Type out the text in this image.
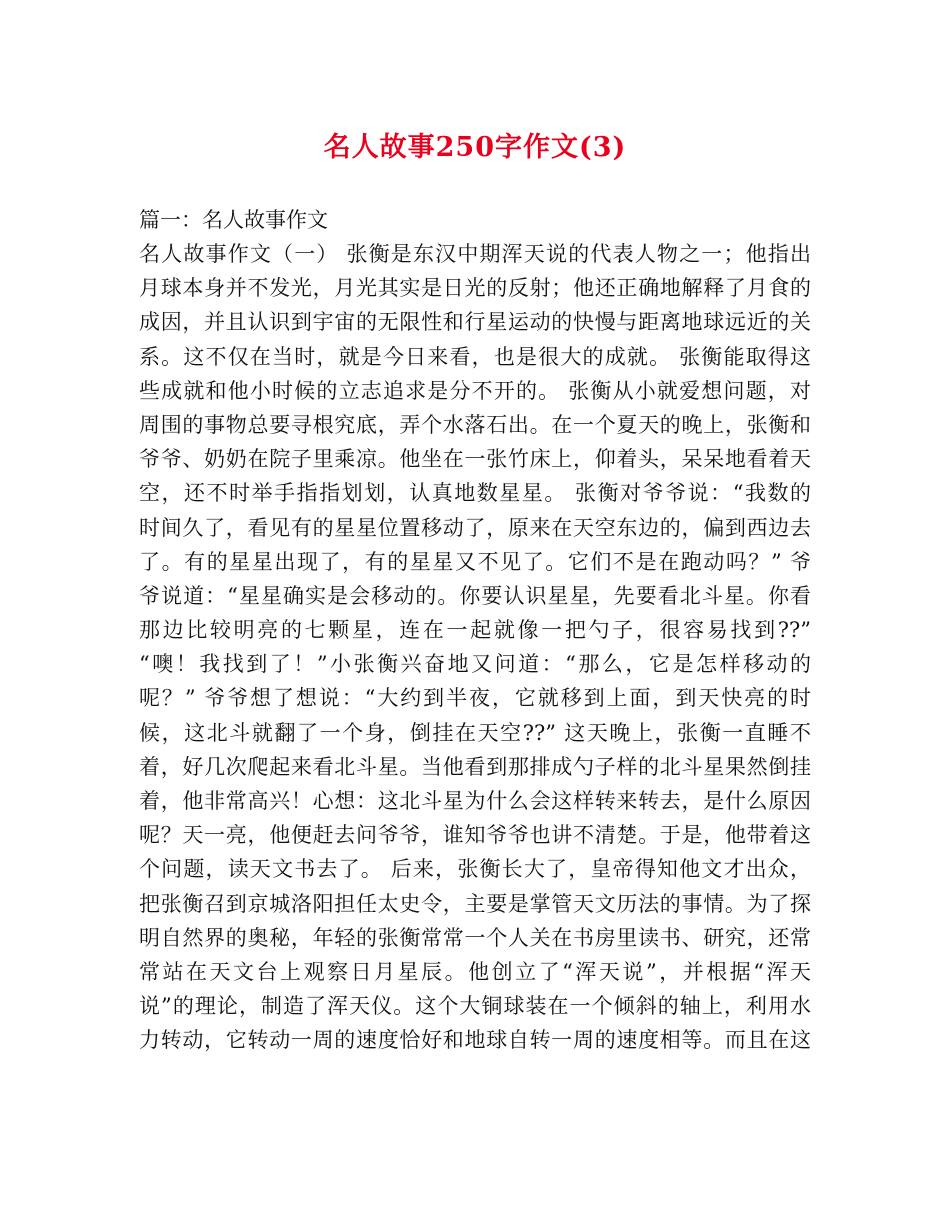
名人故事250字作文(3)
篇一：名人故事作文
名人故事作文（一） 张衡是东汉中期浑天说的代表人物之一；他指出
月球本身并不发光，月光其实是日光的反射；他还正确地解释了月食的
成因，并且认识到宇宙的无限性和行星运动的快慢与距离地球远近的关
系。这不仅在当时，就是今日来看，也是很大的成就。 张衡能取得这
些成就和他小时候的立志追求是分不开的。 张衡从小就爱想问题，对
周围的事物总要寻根究底，弄个水落石出。在一个夏天的晚上，张衡和
爷爷、奶奶在院子里乘凉。他坐在一张竹床上，仰着头，呆呆地看着天
空，还不时举手指指划划，认真地数星星。 张衡对爷爷说：“我数的
时间久了，看见有的星星位置移动了，原来在天空东边的，偏到西边去
了。有的星星出现了，有的星星又不见了。它们不是在跑动吗？” 爷
爷说道：“星星确实是会移动的。你要认识星星，先要看北斗星。你看
那边比较明亮的七颗星，连在一起就像一把勺子，很容易找到??”
“噢！我找到了！”小张衡兴奋地又问道：“那么，它是怎样移动的
呢？” 爷爷想了想说：“大约到半夜，它就移到上面，到天快亮的时
候，这北斗就翻了一个身，倒挂在天空??” 这天晚上，张衡一直睡不
着，好几次爬起来看北斗星。当他看到那排成勺子样的北斗星果然倒挂
着，他非常高兴！心想：这北斗星为什么会这样转来转去，是什么原因
呢？天一亮，他便赶去问爷爷，谁知爷爷也讲不清楚。于是，他带着这
个问题，读天文书去了。 后来，张衡长大了，皇帝得知他文才出众，
把张衡召到京城洛阳担任太史令，主要是掌管天文历法的事情。为了探
明自然界的奥秘，年轻的张衡常常一个人关在书房里读书、研究，还常
常站在天文台上观察日月星辰。他创立了“浑天说”，并根据“浑天
说”的理论，制造了浑天仪。这个大铜球装在一个倾斜的轴上，利用水
力转动，它转动一周的速度恰好和地球自转一周的速度相等。而且在这
